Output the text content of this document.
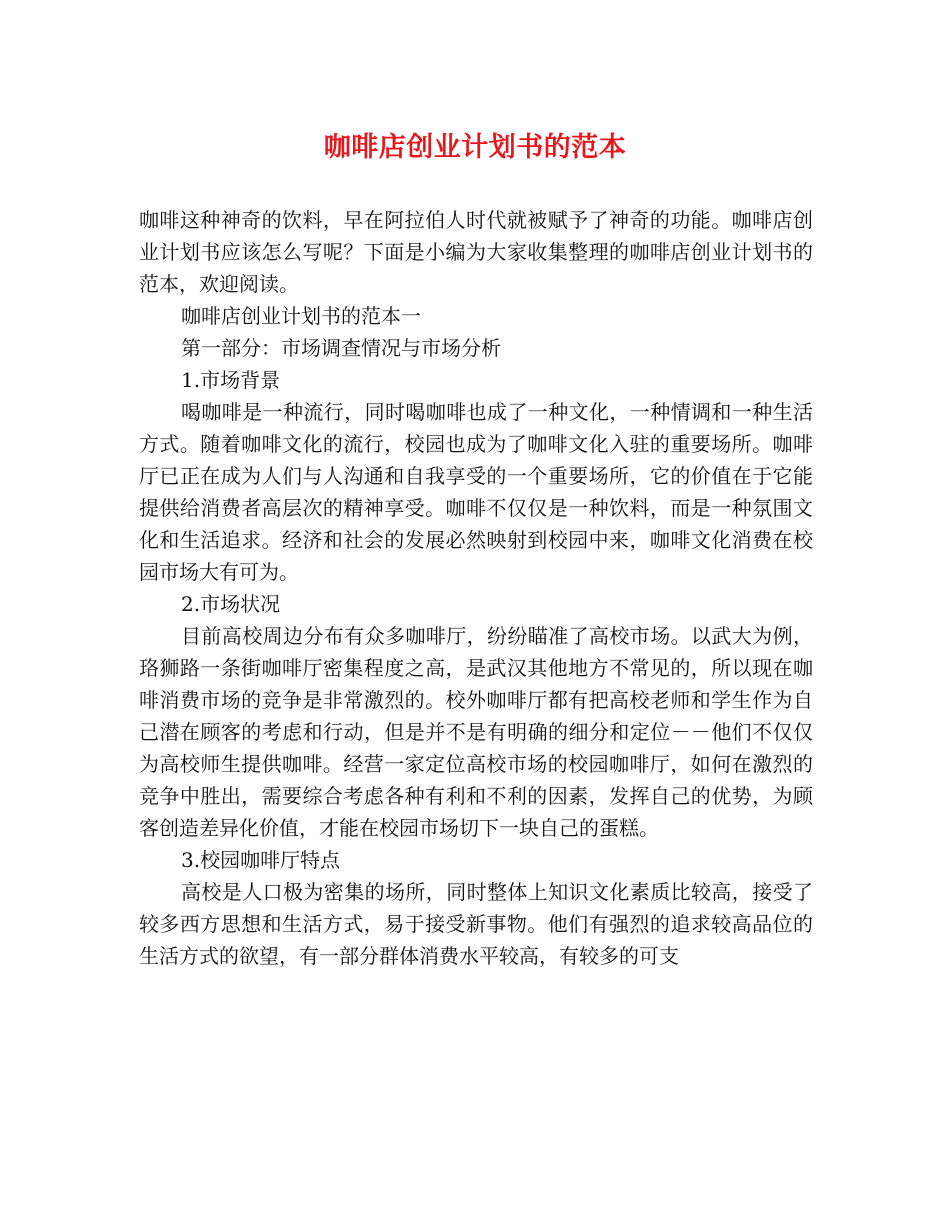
咖啡店创业计划书的范本

咖啡这种神奇的饮料，早在阿拉伯人时代就被赋予了神奇的功能。咖啡店创业计划书应该怎么写呢？下面是小编为大家收集整理的咖啡店创业计划书的范本，欢迎阅读。

咖啡店创业计划书的范本一

第一部分：市场调查情况与市场分析

1.市场背景

喝咖啡是一种流行，同时喝咖啡也成了一种文化，一种情调和一种生活方式。随着咖啡文化的流行，校园也成为了咖啡文化入驻的重要场所。咖啡厅已正在成为人们与人沟通和自我享受的一个重要场所，它的价值在于它能提供给消费者高层次的精神享受。咖啡不仅仅是一种饮料，而是一种氛围文化和生活追求。经济和社会的发展必然映射到校园中来，咖啡文化消费在校园市场大有可为。

2.市场状况

目前高校周边分布有众多咖啡厅，纷纷瞄准了高校市场。以武大为例，珞狮路一条街咖啡厅密集程度之高，是武汉其他地方不常见的，所以现在咖啡消费市场的竞争是非常激烈的。校外咖啡厅都有把高校老师和学生作为自己潜在顾客的考虑和行动，但是并不是有明确的细分和定位－－他们不仅仅为高校师生提供咖啡。经营一家定位高校市场的校园咖啡厅，如何在激烈的竞争中胜出，需要综合考虑各种有利和不利的因素，发挥自己的优势，为顾客创造差异化价值，才能在校园市场切下一块自己的蛋糕。

3.校园咖啡厅特点

高校是人口极为密集的场所，同时整体上知识文化素质比较高，接受了较多西方思想和生活方式，易于接受新事物。他们有强烈的追求较高品位的生活方式的欲望，有一部分群体消费水平较高，有较多的可支
